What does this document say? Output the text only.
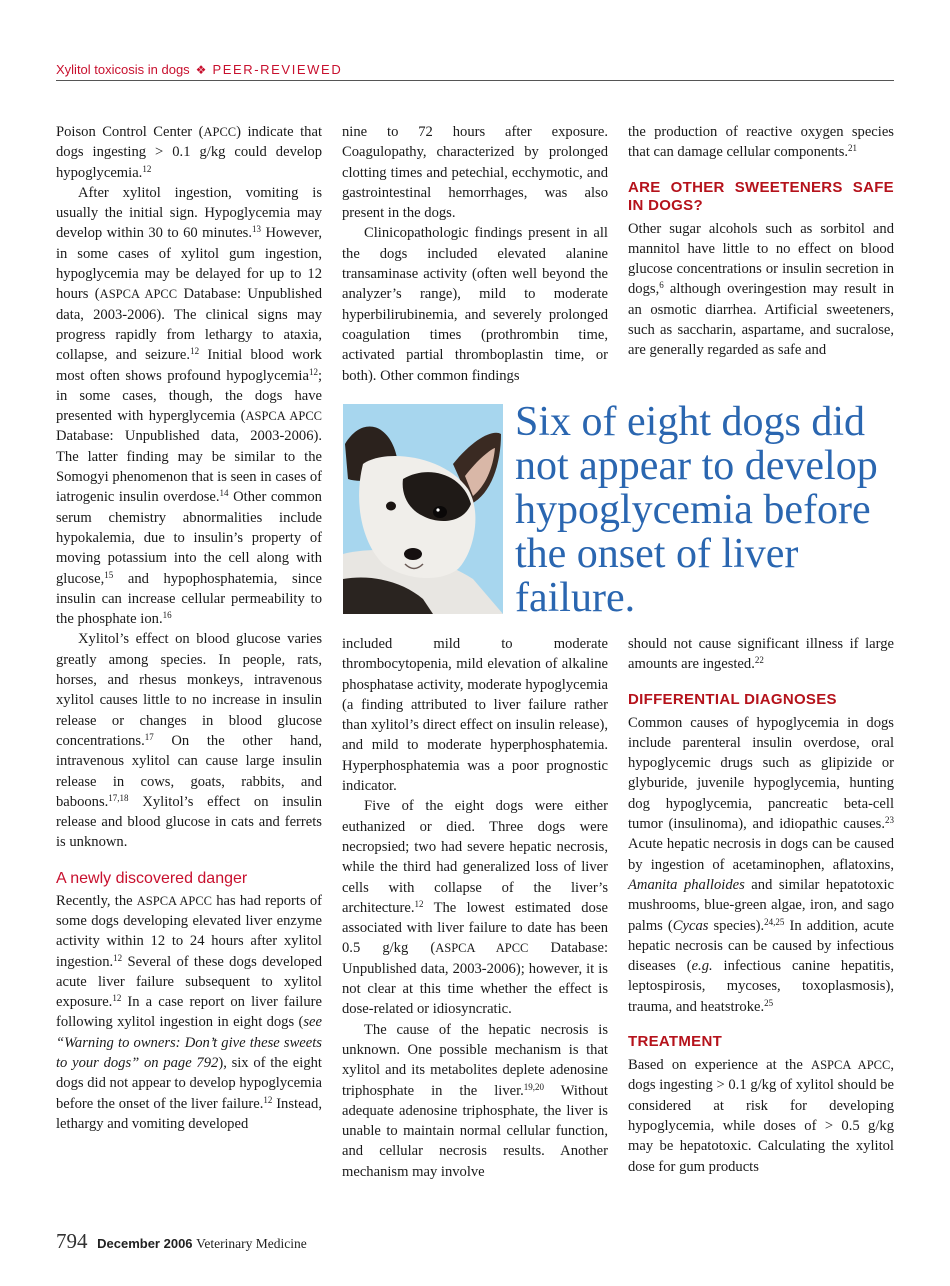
Xylitol toxicosis in dogs ❖ PEER-REVIEWED

Poison Control Center (APCC) indicate that dogs ingesting > 0.1 g/kg could develop hypoglycemia.$^{12}$

After xylitol ingestion, vomiting is usually the initial sign. Hypoglycemia may develop within 30 to 60 minutes.$^{13}$ However, in some cases of xylitol gum ingestion, hypoglycemia may be delayed for up to 12 hours (ASPCA APCC Database: Unpublished data, 2003-2006). The clinical signs may progress rapidly from lethargy to ataxia, collapse, and seizure.$^{12}$ Initial blood work most often shows profound hypoglycemia$^{12}$; in some cases, though, the dogs have presented with hyperglycemia (ASPCA APCC Database: Unpublished data, 2003-2006). The latter finding may be similar to the Somogyi phenomenon that is seen in cases of iatrogenic insulin overdose.$^{14}$ Other common serum chemistry abnormalities include hypokalemia, due to insulin’s property of moving potassium into the cell along with glucose,$^{15}$ and hypophosphatemia, since insulin can increase cellular permeability to the phosphate ion.$^{16}$

Xylitol’s effect on blood glucose varies greatly among species. In people, rats, horses, and rhesus monkeys, intravenous xylitol causes little to no increase in insulin release or changes in blood glucose concentrations.$^{17}$ On the other hand, intravenous xylitol can cause large insulin release in cows, goats, rabbits, and baboons.$^{17,18}$ Xylitol’s effect on insulin release and blood glucose in cats and ferrets is unknown.

A newly discovered danger

Recently, the ASPCA APCC has had reports of some dogs developing elevated liver enzyme activity within 12 to 24 hours after xylitol ingestion.$^{12}$ Several of these dogs developed acute liver failure subsequent to xylitol exposure.$^{12}$ In a case report on liver failure following xylitol ingestion in eight dogs (see “Warning to owners: Don’t give these sweets to your dogs” on page 792), six of the eight dogs did not appear to develop hypoglycemia before the onset of the liver failure.$^{12}$ Instead, lethargy and vomiting developed

nine to 72 hours after exposure. Coagulopathy, characterized by prolonged clotting times and petechial, ecchymotic, and gastrointestinal hemorrhages, was also present in the dogs.

Clinicopathologic findings present in all the dogs included elevated alanine transaminase activity (often well beyond the analyzer’s range), mild to moderate hyperbilirubinemia, and severely prolonged coagulation times (prothrombin time, activated partial thromboplastin time, or both). Other common findings

the production of reactive oxygen species that can damage cellular components.$^{21}$

ARE OTHER SWEETENERS SAFE IN DOGS?

Other sugar alcohols such as sorbitol and mannitol have little to no effect on blood glucose concentrations or insulin secretion in dogs,$^6$ although overingestion may result in an osmotic diarrhea. Artificial sweeteners, such as saccharin, aspartame, and sucralose, are generally regarded as safe and

Six of eight dogs did not appear to develop hypoglycemia before the onset of liver failure.

included mild to moderate thrombocytopenia, mild elevation of alkaline phosphatase activity, moderate hypoglycemia (a finding attributed to liver failure rather than xylitol’s direct effect on insulin release), and mild to moderate hyperphosphatemia. Hyperphosphatemia was a poor prognostic indicator.

Five of the eight dogs were either euthanized or died. Three dogs were necropsied; two had severe hepatic necrosis, while the third had generalized loss of liver cells with collapse of the liver’s architecture.$^{12}$ The lowest estimated dose associated with liver failure to date has been 0.5 g/kg (ASPCA APCC Database: Unpublished data, 2003-2006); however, it is not clear at this time whether the effect is dose-related or idiosyncratic.

The cause of the hepatic necrosis is unknown. One possible mechanism is that xylitol and its metabolites deplete adenosine triphosphate in the liver.$^{19,20}$ Without adequate adenosine triphosphate, the liver is unable to maintain normal cellular function, and cellular necrosis results. Another mechanism may involve

should not cause significant illness if large amounts are ingested.$^{22}$

DIFFERENTIAL DIAGNOSES

Common causes of hypoglycemia in dogs include parenteral insulin overdose, oral hypoglycemic drugs such as glipizide or glyburide, juvenile hypoglycemia, hunting dog hypoglycemia, pancreatic beta-cell tumor (insulinoma), and idiopathic causes.$^{23}$ Acute hepatic necrosis in dogs can be caused by ingestion of acetaminophen, aflatoxins, Amanita phalloides and similar hepatotoxic mushrooms, blue-green algae, iron, and sago palms (Cycas species).$^{24,25}$ In addition, acute hepatic necrosis can be caused by infectious diseases (e.g. infectious canine hepatitis, leptospirosis, mycoses, toxoplasmosis), trauma, and heatstroke.$^{25}$

TREATMENT

Based on experience at the ASPCA APCC, dogs ingesting > 0.1 g/kg of xylitol should be considered at risk for developing hypoglycemia, while doses of > 0.5 g/kg may be hepatotoxic. Calculating the xylitol dose for gum products

794 December 2006 Veterinary Medicine
